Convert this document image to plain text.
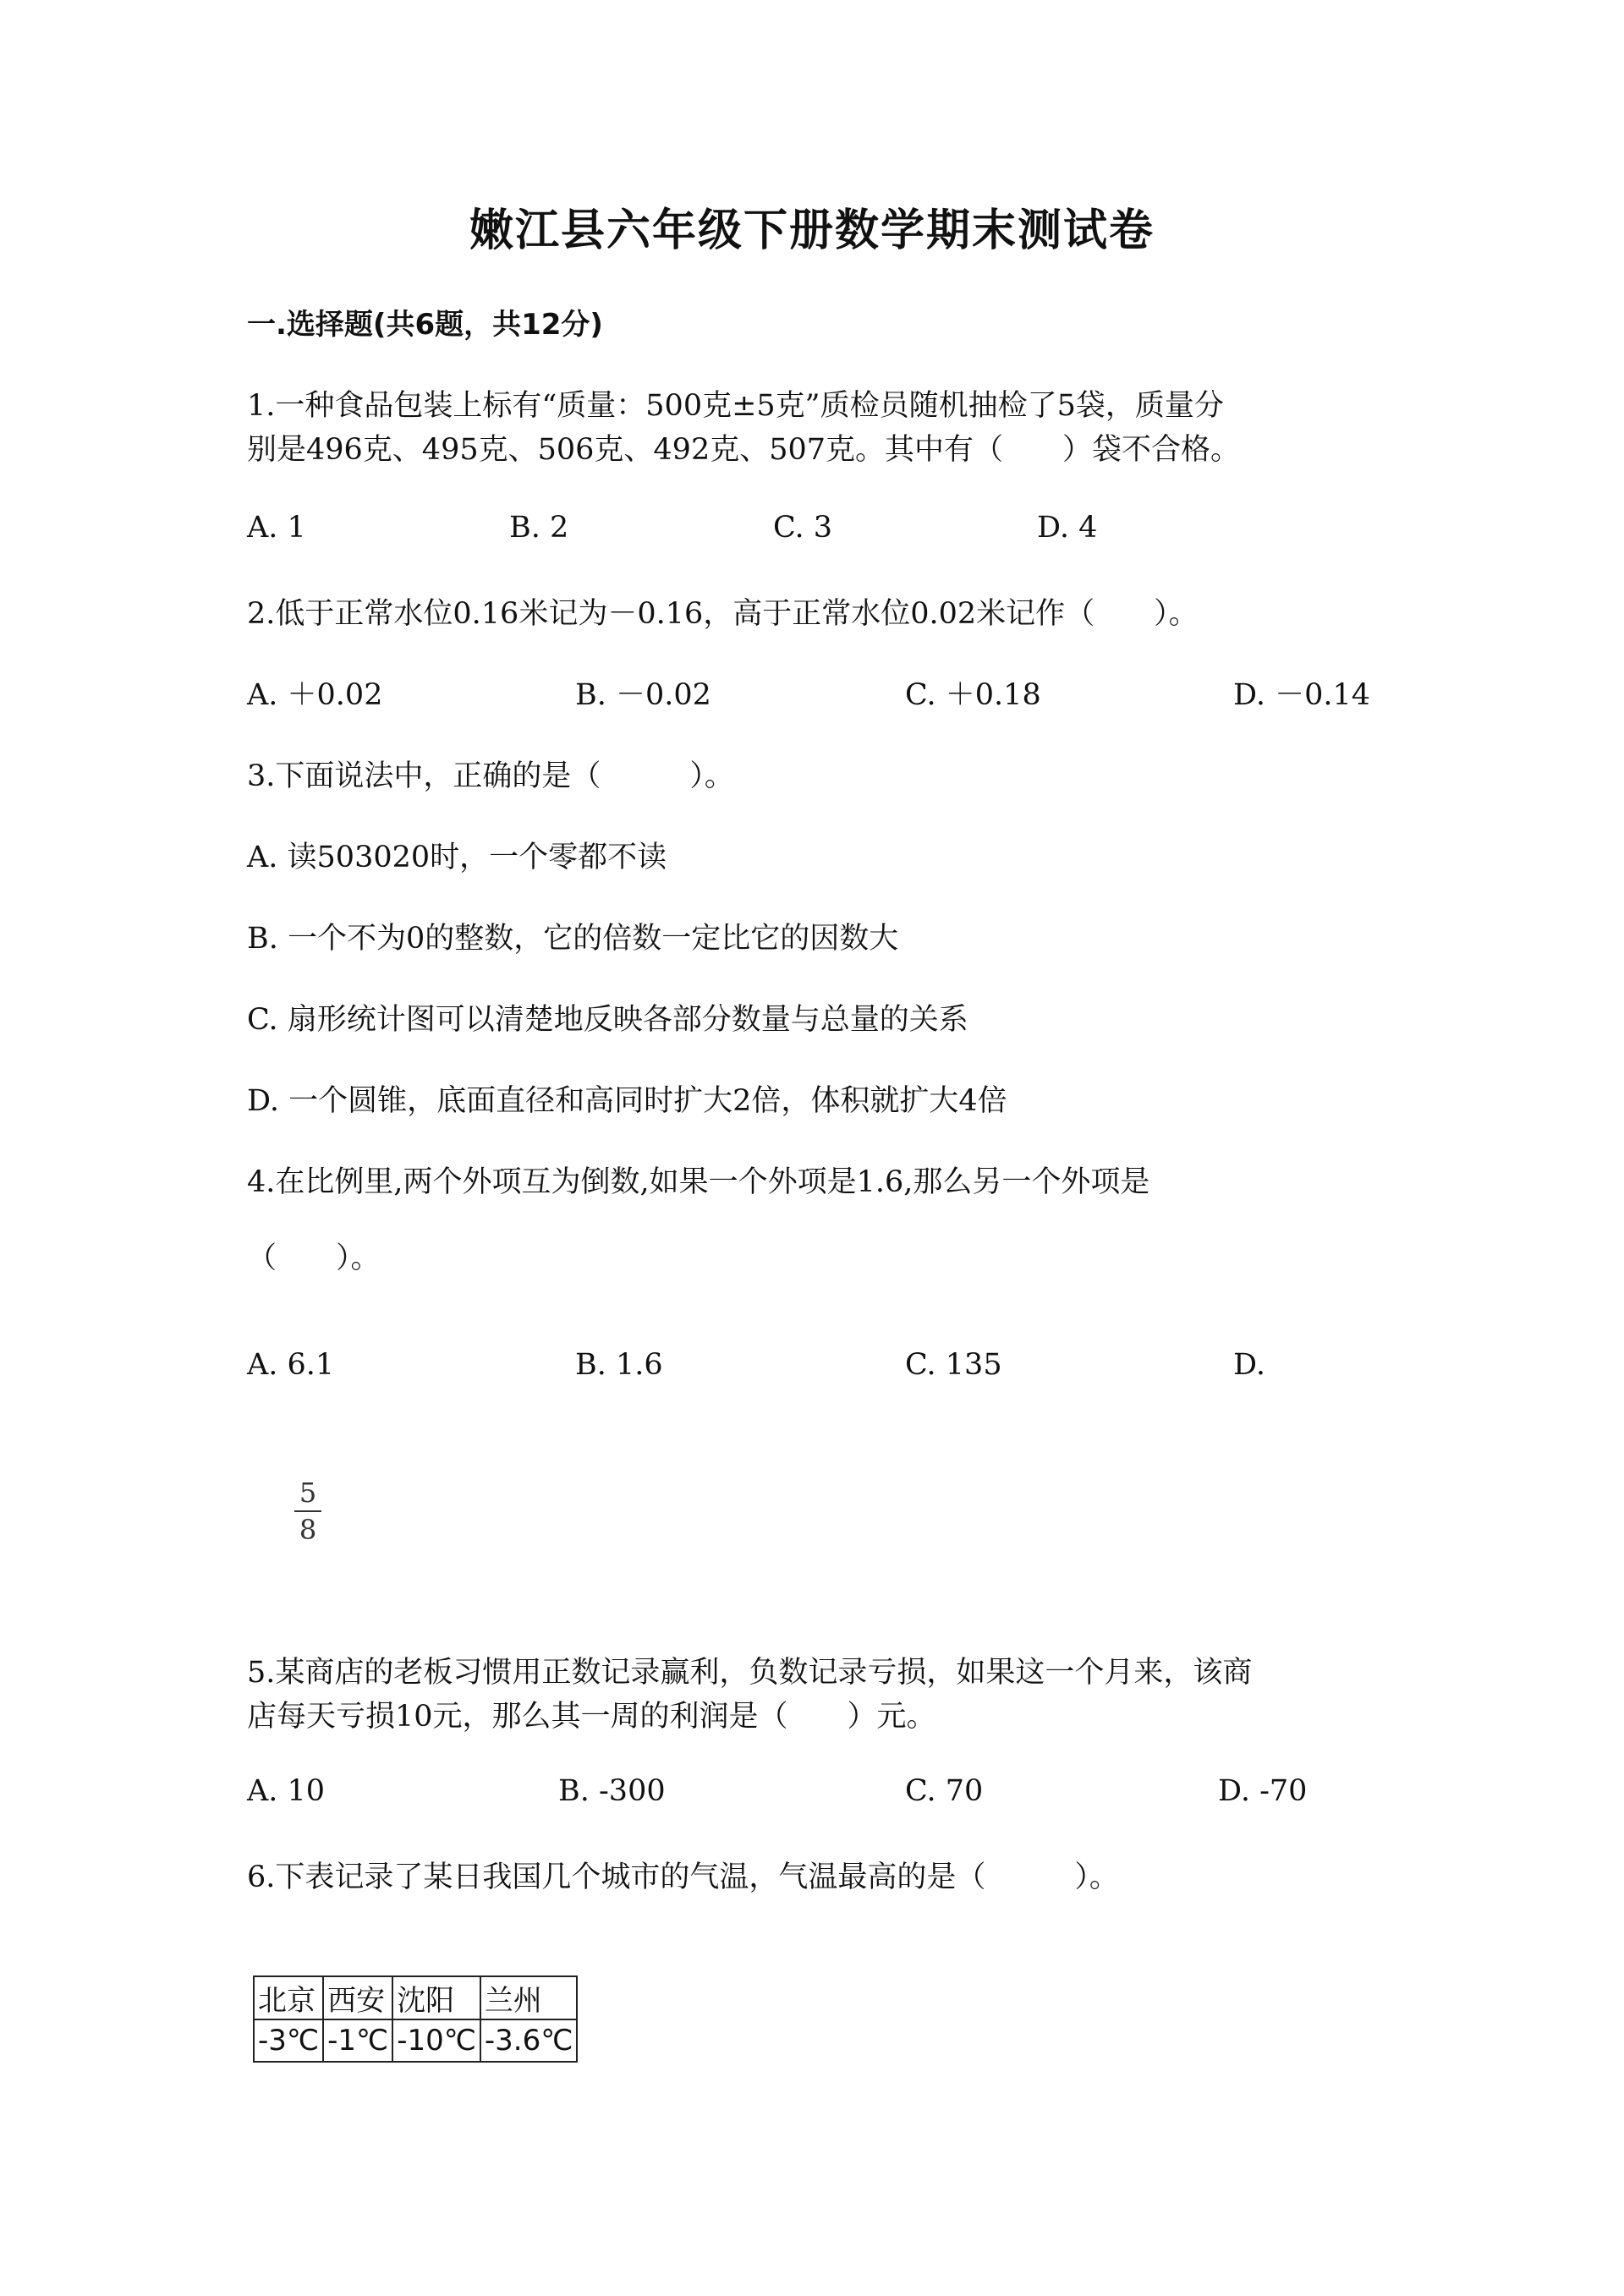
嫩江县六年级下册数学期末测试卷
一.选择题(共6题，共12分)
1.一种食品包装上标有“质量：500克±5克”质检员随机抽检了5袋，质量分
别是496克、495克、506克、492克、507克。其中有（　　）袋不合格。
A. 1	B. 2	C. 3	D. 4
2.低于正常水位0.16米记为－0.16，高于正常水位0.02米记作（　　）。
A. ＋0.02	B. －0.02	C. ＋0.18	D. －0.14
3.下面说法中，正确的是（　　　）。
A. 读503020时，一个零都不读
B. 一个不为0的整数，它的倍数一定比它的因数大
C. 扇形统计图可以清楚地反映各部分数量与总量的关系
D. 一个圆锥，底面直径和高同时扩大2倍，体积就扩大4倍
4.在比例里,两个外项互为倒数,如果一个外项是1.6,那么另一个外项是
（　　）。
A. 6.1	B. 1.6	C. 135	D.
5
8
5.某商店的老板习惯用正数记录赢利，负数记录亏损，如果这一个月来，该商
店每天亏损10元，那么其一周的利润是（　　）元。
A. 10	B. -300	C. 70	D. -70
6.下表记录了某日我国几个城市的气温，气温最高的是（　　　）。
北京	西安	沈阳	兰州
-3℃	-1℃	-10℃	-3.6℃
